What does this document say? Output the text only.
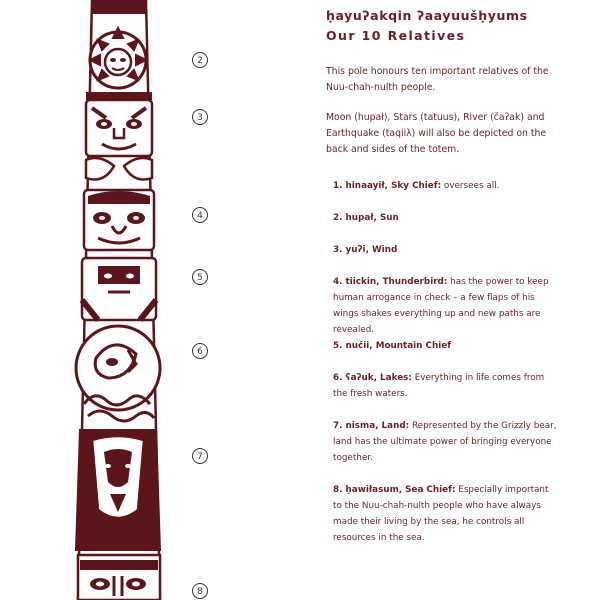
2
3
4
5
6
7
8
ḥayuʔakqin ʔaayuušḥyums
Our 10 Relatives

This pole honours ten important relatives of the Nuu-chah-nulth people.

Moon (hupał), Stars (tatuus), River (čaʔak) and Earthquake (taqiiλ) will also be depicted on the back and sides of the totem.

1. hinaayił, Sky Chief: oversees all.
2. hupał, Sun
3. yuʔi, Wind
4. tiickin, Thunderbird: has the power to keep human arrogance in check – a few flaps of his wings shakes everything up and new paths are revealed.
5. nučii, Mountain Chief
6. ʕaʔuk, Lakes: Everything in life comes from the fresh waters.
7. nisma, Land: Represented by the Grizzly bear, land has the ultimate power of bringing everyone together.
8. ḥawiłasum, Sea Chief: Especially important to the Nuu-chah-nulth people who have always made their living by the sea, he controls all resources in the sea.
